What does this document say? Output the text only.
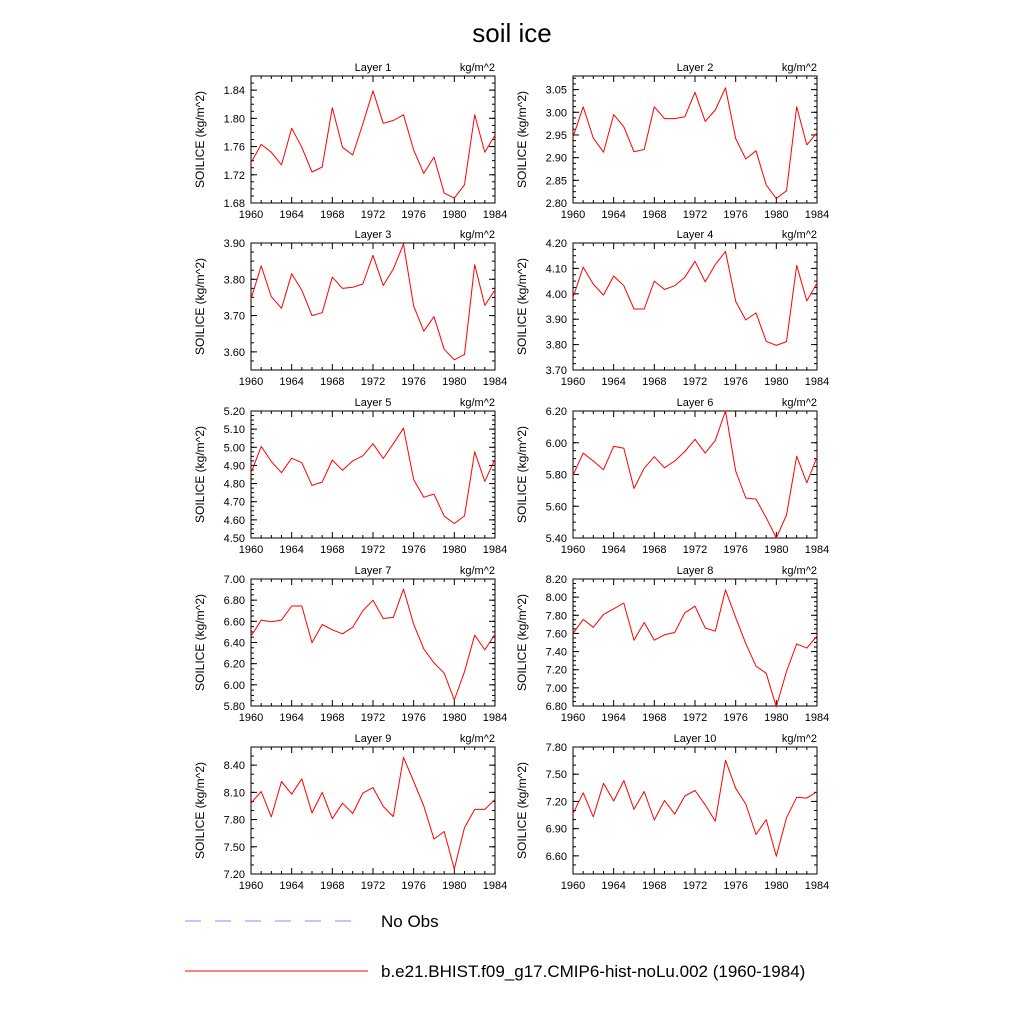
soil ice
1960 1964 1968 1972 1976 1980 1984
1.68
1.72
1.76
1.80
1.84
Layer 1	kg/m^2
SOILICE (kg/m^2)
1960 1964 1968 1972 1976 1980 1984
2.80
2.85
2.90
2.95
3.00
3.05
Layer 2	kg/m^2
SOILICE (kg/m^2)
1960 1964 1968 1972 1976 1980 1984
3.60
3.70
3.80
3.90
Layer 3	kg/m^2
SOILICE (kg/m^2)
1960 1964 1968 1972 1976 1980 1984
3.70
3.80
3.90
4.00
4.10
4.20
Layer 4	kg/m^2
SOILICE (kg/m^2)
1960 1964 1968 1972 1976 1980 1984
4.50
4.60
4.70
4.80
4.90
5.00
5.10
5.20
Layer 5	kg/m^2
SOILICE (kg/m^2)
1960 1964 1968 1972 1976 1980 1984
5.40
5.60
5.80
6.00
6.20
Layer 6	kg/m^2
SOILICE (kg/m^2)
1960 1964 1968 1972 1976 1980 1984
5.80
6.00
6.20
6.40
6.60
6.80
7.00
Layer 7	kg/m^2
SOILICE (kg/m^2)
1960 1964 1968 1972 1976 1980 1984
6.80
7.00
7.20
7.40
7.60
7.80
8.00
8.20
Layer 8	kg/m^2
SOILICE (kg/m^2)
1960 1964 1968 1972 1976 1980 1984
7.20
7.50
7.80
8.10
8.40
Layer 9	kg/m^2
SOILICE (kg/m^2)
1960 1964 1968 1972 1976 1980 1984
6.60
6.90
7.20
7.50
7.80
Layer 10	kg/m^2
SOILICE (kg/m^2)
No Obs
b.e21.BHIST.f09_g17.CMIP6-hist-noLu.002 (1960-1984)
